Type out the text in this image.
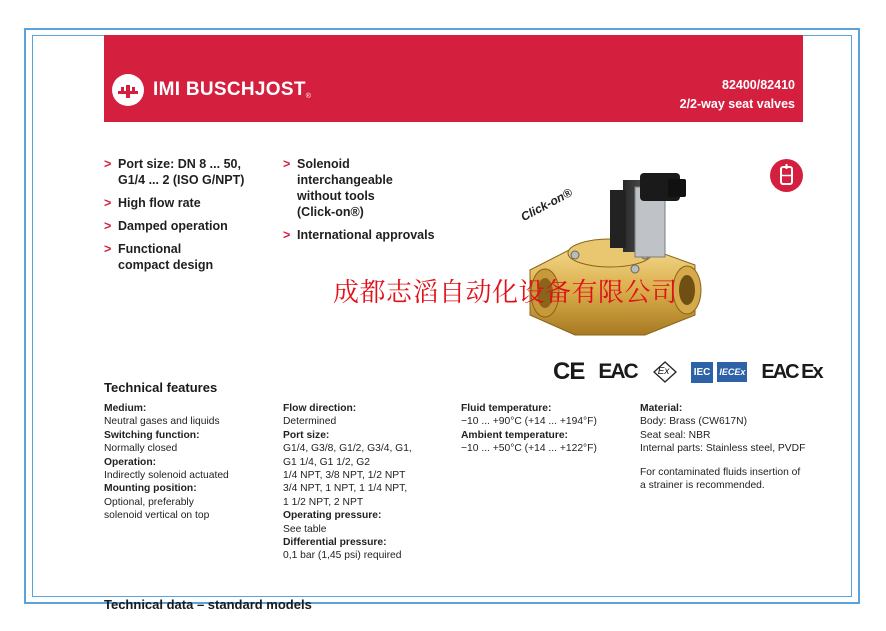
IMI BUSCHJOST ®
82400/82410
2/2-way seat valves
> Port size: DN 8 ... 50,
G1/4 ... 2 (ISO G/NPT)
> High flow rate
> Damped operation
> Functional
compact design
> Solenoid
interchangeable
without tools
(Click-on®)
> International approvals
Click-on®
成都志滔自动化设备有限公司
CE EAC Ex	IEC	IECEx EAC Ex
Technical features
Medium:
Neutral gases and liquids
Switching function:
Normally closed
Operation:
Indirectly solenoid actuated
Mounting position:
Optional, preferably
solenoid vertical on top
Flow direction:
Determined
Port size:
G1/4, G3/8, G1/2, G3/4, G1,
G1 1/4, G1 1/2, G2
1/4 NPT, 3/8 NPT, 1/2 NPT
3/4 NPT, 1 NPT, 1 1/4 NPT,
1 1/2 NPT, 2 NPT
Operating pressure:
See table
Differential pressure:
0,1 bar (1,45 psi) required
Fluid temperature:
−10 ... +90°C (+14 ... +194°F)
Ambient temperature:
−10 ... +50°C (+14 ... +122°F)
Material:
Body: Brass (CW617N)
Seat seal: NBR
Internal parts: Stainless steel, PVDF
For contaminated fluids insertion of
a strainer is recommended.
Technical data – standard models
